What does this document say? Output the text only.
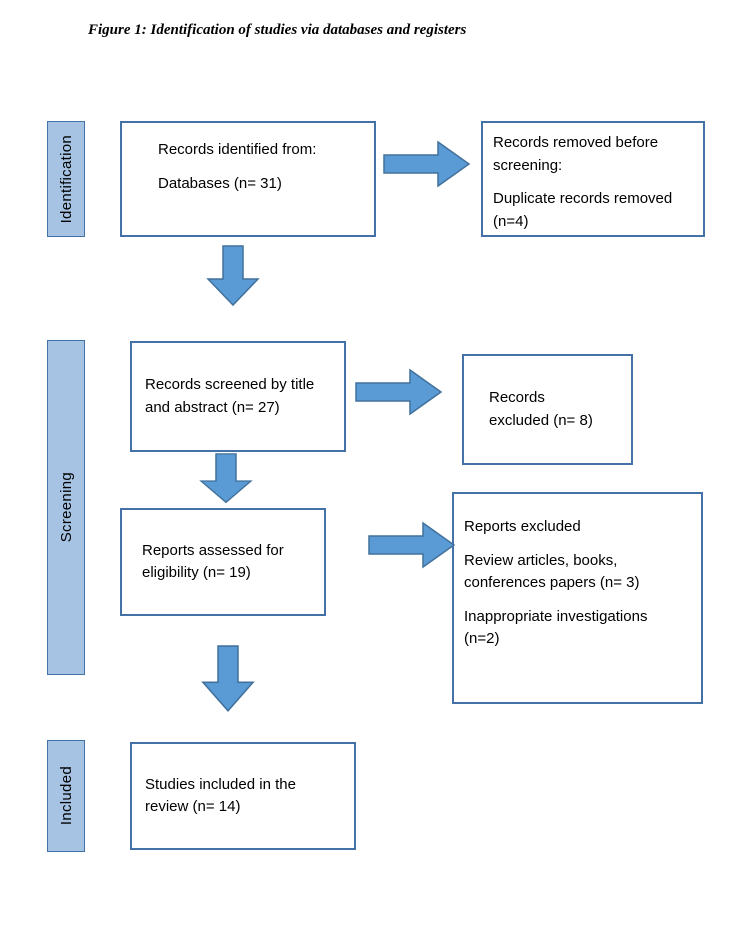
Figure 1: Identification of studies via databases and registers
Identification
Screening
Included

Records identified from:

Databases (n= 31)

Records removed before screening:

Duplicate records removed (n=4)

Records screened by title and abstract (n= 27)

Records

excluded (n= 8)

Reports assessed for eligibility (n= 19)

Reports excluded

Review articles, books, conferences papers (n= 3)

Inappropriate investigations (n=2)

Studies included in the review (n= 14)
